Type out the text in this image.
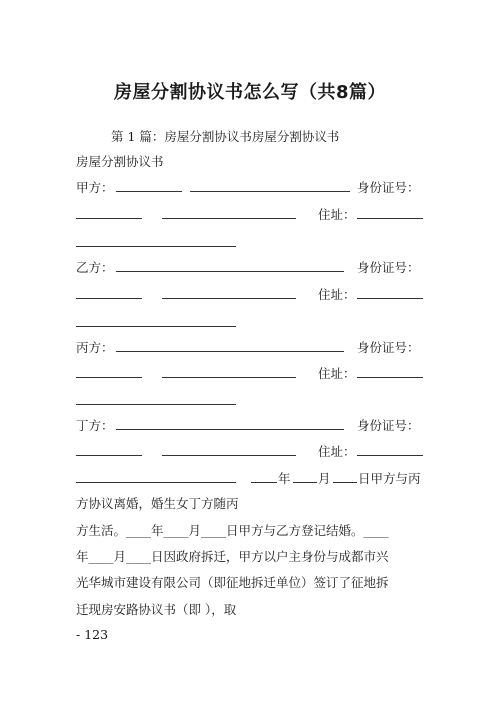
房屋分割协议书怎么写（共8篇）
第 1 篇：房屋分割协议书房屋分割协议书
房屋分割协议书
甲方：	身份证号：
住址：
乙方：	身份证号：
住址：
丙方：	身份证号：
住址：
丁方：	身份证号：
住址：
年 月 日甲方与丙
方协议离婚，婚生女丁方随丙
方生活。____年____月____日甲方与乙方登记结婚。____
年____月____日因政府拆迁，甲方以户主身份与成都市兴
光华城市建设有限公司（即征地拆迁单位）签订了征地拆
迁现房安路协议书（即 ），取
- 123
